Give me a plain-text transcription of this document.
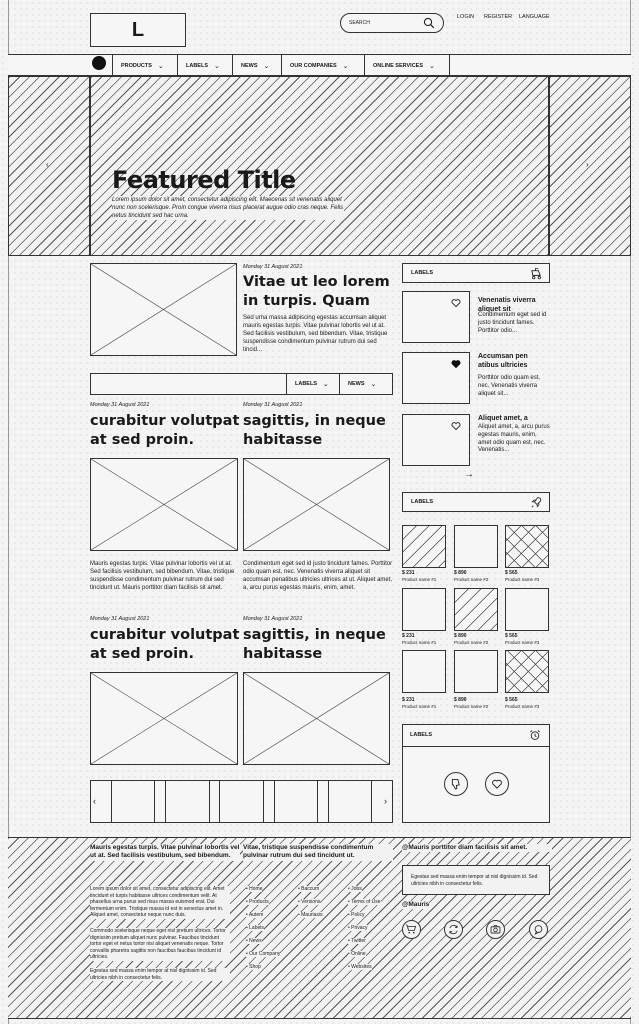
L	SEARCH
LOGIN REGISTER LANGUAGE
PRODUCTS ⌄	LABELS ⌄	NEWS ⌄	OUR COMPANIES ⌄	ONLINE SERVICES ⌄
‹	›
Featured Title
Lorem ipsum dolor sit amet, consectetur adipiscing elit. Maecenas sit venenatis aliquet nunc non scelerisque. Proin congue viverra risus placerat augue odio cras neque. Felis netus tincidunt sed hac urna.
Monday 31 August 2021
Vitae ut leo lorem in turpis. Quam
Sed urna massa adipiscing egestas accumsan aliquet mauris egestas turpis. Vitae pulvinar lobortis vel ut at. Sed facilisis vestibulum, sed bibendum. Vitae, tristique suspendisse condimentum pulvinar rutrum dui sed tincid...
LABELS ⌄	NEWS ⌄
Monday 31 August 2021
curabitur volutpat at sed proin.
Mauris egestas turpis. Vitae pulvinar lobortis vel ut at. Sed facilisis vestibulum, sed bibendum. Vitae, tristique suspendisse condimentum pulvinar rutrum dui sed tincidunt ut. Mauris porttitor diam facilisis sit amet.
Monday 31 August 2021
sagittis, in neque habitasse
Condimentum eget sed id justo tincidunt fames. Porttitor odio quam est, nec. Venenatis viverra aliquet sit accumsan penatibus ultricies ultrices at ut. Aliquet amet, a, arcu purus egestas mauris, enim, amet.
Monday 31 August 2021
curabitur volutpat at sed proin.
Monday 31 August 2021
sagittis, in neque habitasse
‹	›
LABELS
Venenatis viverra aliquet sit
Condimentum eget sed id justo tincidunt fames. Porttitor odio...
Accumsan pen atibus ultricies
Porttitor odio quam est, nec. Venenatis viverra aliquet sit...
Aliquet amet, a
Aliquet amet, a, arcu purus egestas mauris, enim, amet odio quam est, nec. Venenatis...
→
LABELS
$ 231	$ 890	$ 565
Product name #1	Product name #2	Product name #3
$ 231	$ 890	$ 565
Product name #1	Product name #2	Product name #3
$ 231	$ 890	$ 565
Product name #1	Product name #2	Product name #3
LABELS
Mauris egestas turpis. Vitae pulvinar lobortis vel ut at. Sed facilisis vestibulum, sed bibendum.
Lorem ipsum dolor sit amet, consectetur adipiscing elit. Amet tincidunt et turpis habitasse ultrices condimentum velit. At phasellus urna purus sed risus massa euismod erat. Dui fermentum enim. Tristique massa id est in senectus amet in. Aliquet amet, consectetur neque nunc duis.
Commodo scelerisque neque eget nisl pretium ultrices. Tortor dignissim pretium aliquet nunc pulvinar. Faucibus tincidunt tortor eget et netus tortor nisi aliquet venenatis neque. Tortor convallis pharetra sagittis non faucibus faucibus tincidunt id ultricies.
Egestas sed massa enim tempor at nisl dignissim id. Sed ultricies nibh in consectetur felis.
Vitae, tristique suspendisse condimentum pulvinar rutrum dui sed tincidunt ut.
• Home
• Products
• Autem
• Labels
• News
• Our Company
• Shop
• Baccum
• Versions
• Mauriasis
• Jobs
• Terms of Use
• Policy
• Privacy
• Twitter
• Online
• Websites
@Mauris porttitor diam facilisis sit amet.
Egestas sed massa enim tempor at nisl dignissim id. Sed ultricies nibh in consectetur felis.
@Mauris
